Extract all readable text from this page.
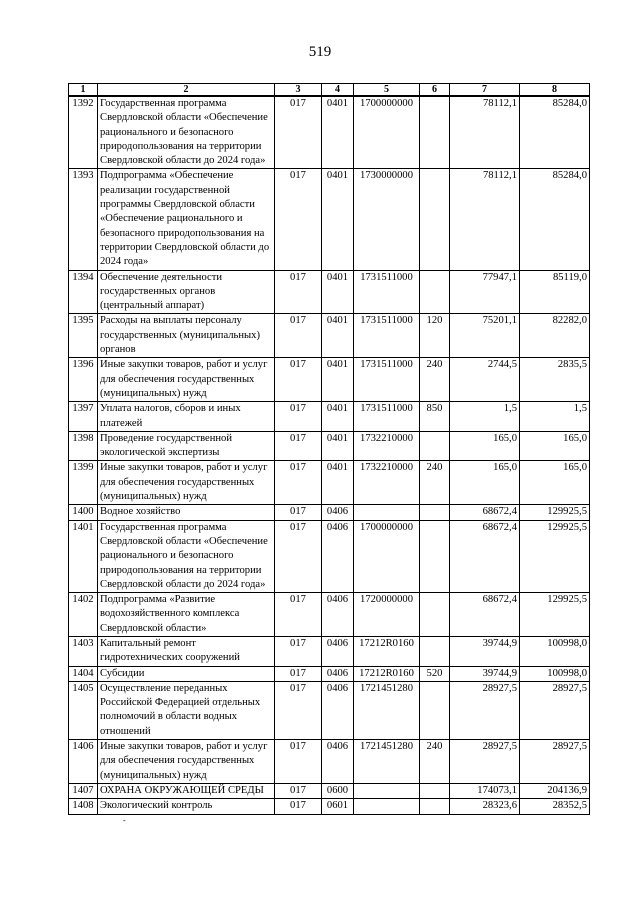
519
1	2	3	4	5	6	7	8
1392	Государственная программа Свердловской области «Обеспечение рационального и безопасного природопользования на территории Свердловской области до 2024 года»	017	0401	1700000000		78112,1	85284,0
1393	Подпрограмма «Обеспечение реализации государственной программы Свердловской области «Обеспечение рационального и безопасного природопользования на территории Свердловской области до 2024 года»	017	0401	1730000000		78112,1	85284,0
1394	Обеспечение деятельности государственных органов (центральный аппарат)	017	0401	1731511000		77947,1	85119,0
1395	Расходы на выплаты персоналу государственных (муниципальных) органов	017	0401	1731511000	120	75201,1	82282,0
1396	Иные закупки товаров, работ и услуг для обеспечения государственных (муниципальных) нужд	017	0401	1731511000	240	2744,5	2835,5
1397	Уплата налогов, сборов и иных платежей	017	0401	1731511000	850	1,5	1,5
1398	Проведение государственной экологической экспертизы	017	0401	1732210000		165,0	165,0
1399	Иные закупки товаров, работ и услуг для обеспечения государственных (муниципальных) нужд	017	0401	1732210000	240	165,0	165,0
1400	Водное хозяйство	017	0406			68672,4	129925,5
1401	Государственная программа Свердловской области «Обеспечение рационального и безопасного природопользования на территории Свердловской области до 2024 года»	017	0406	1700000000		68672,4	129925,5
1402	Подпрограмма «Развитие водохозяйственного комплекса Свердловской области»	017	0406	1720000000		68672,4	129925,5
1403	Капитальный ремонт гидротехнических сооружений	017	0406	17212R0160		39744,9	100998,0
1404	Субсидии	017	0406	17212R0160	520	39744,9	100998,0
1405	Осуществление переданных Российской Федерацией отдельных полномочий в области водных отношений	017	0406	1721451280		28927,5	28927,5
1406	Иные закупки товаров, работ и услуг для обеспечения государственных (муниципальных) нужд	017	0406	1721451280	240	28927,5	28927,5
1407	ОХРАНА ОКРУЖАЮЩЕЙ СРЕДЫ	017	0600			174073,1	204136,9
1408	Экологический контроль	017	0601			28323,6	28352,5
-
